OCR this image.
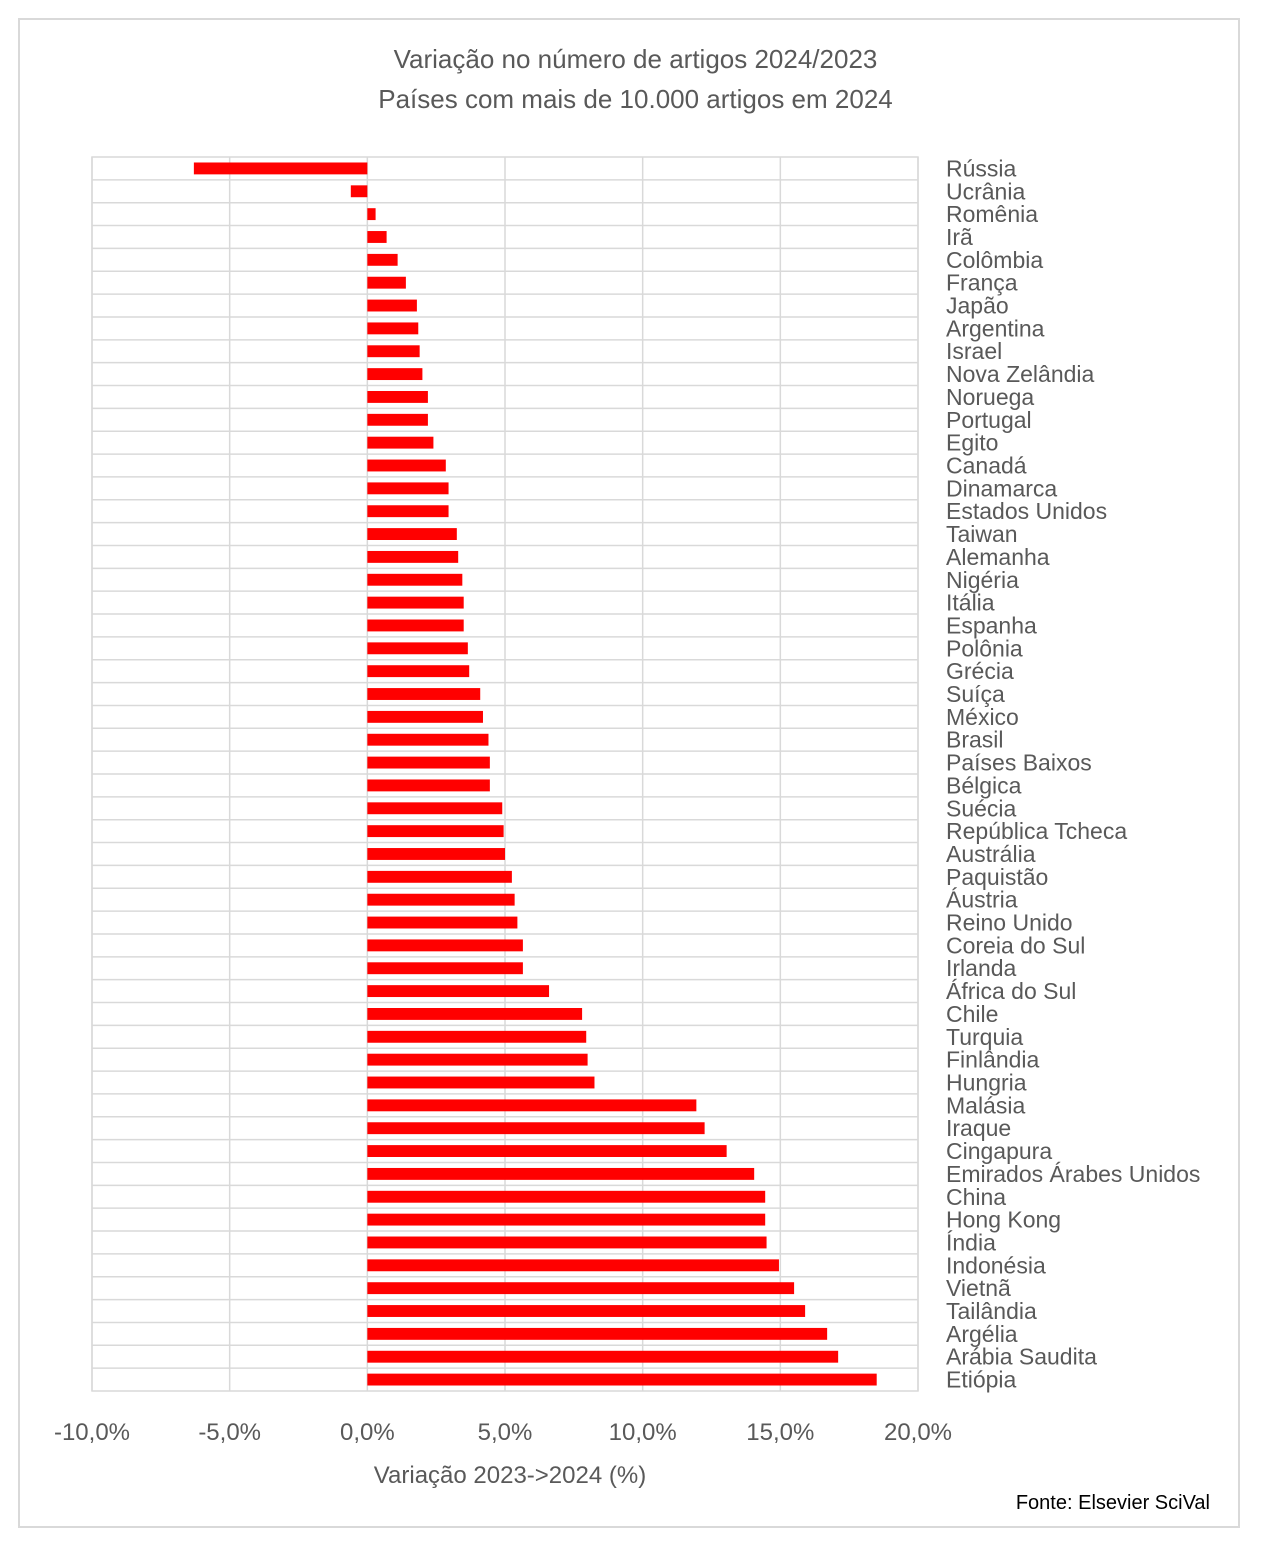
Variação no número de artigos 2024/2023
Países com mais de 10.000 artigos em 2024
-10,0%	-5,0%	0,0%	5,0%	10,0%	15,0%	20,0%
Rússia
Ucrânia
Romênia
Irã
Colômbia
França
Japão
Argentina
Israel
Nova Zelândia
Noruega
Portugal
Egito
Canadá
Dinamarca
Estados Unidos
Taiwan
Alemanha
Nigéria
Itália
Espanha
Polônia
Grécia
Suíça
México
Brasil
Países Baixos
Bélgica
Suécia
República Tcheca
Austrália
Paquistão
Áustria
Reino Unido
Coreia do Sul
Irlanda
África do Sul
Chile
Turquia
Finlândia
Hungria
Malásia
Iraque
Cingapura
Emirados Árabes Unidos
China
Hong Kong
Índia
Indonésia
Vietnã
Tailândia
Argélia
Arábia Saudita
Etiópia
Variação 2023->2024 (%)
Fonte: Elsevier SciVal
